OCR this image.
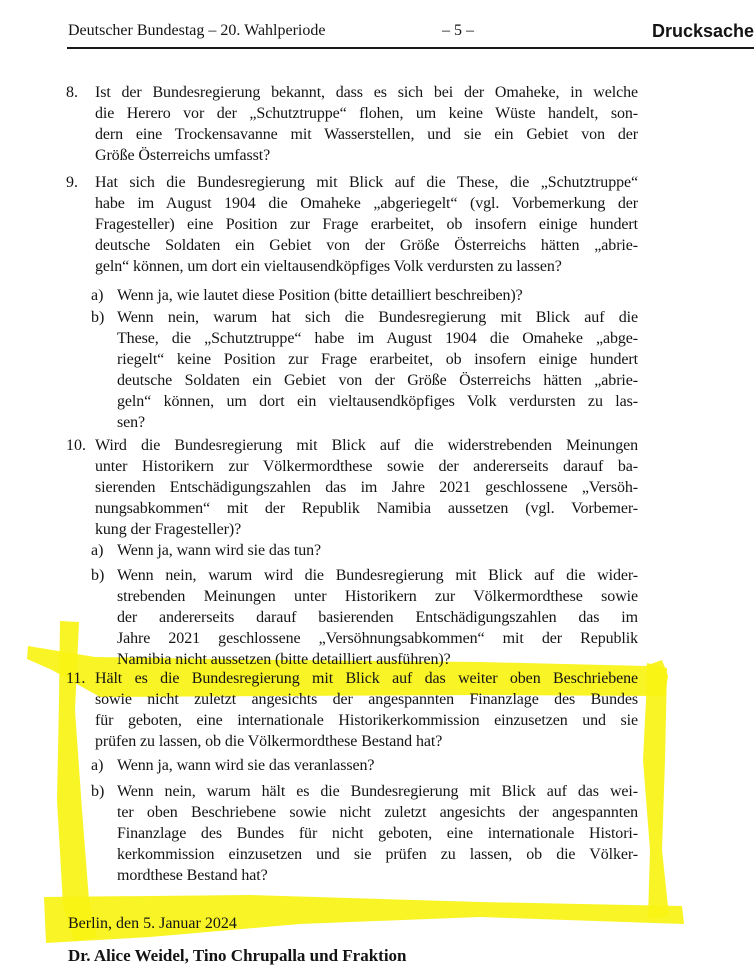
Deutscher Bundestag – 20. Wahlperiode	– 5 –	Drucksache
8.	Ist der Bundesregierung bekannt, dass es sich bei der Omaheke, in welche
die Herero vor der „Schutztruppe“ flohen, um keine Wüste handelt, son-
dern eine Trockensavanne mit Wasserstellen, und sie ein Gebiet von der
Größe Österreichs umfasst?
9.	Hat sich die Bundesregierung mit Blick auf die These, die „Schutztruppe“
habe im August 1904 die Omaheke „abgeriegelt“ (vgl. Vorbemerkung der
Fragesteller) eine Position zur Frage erarbeitet, ob insofern einige hundert
deutsche Soldaten ein Gebiet von der Größe Österreichs hätten „abrie-
geln“ können, um dort ein vieltausendköpfiges Volk verdursten zu lassen?
a) Wenn ja, wie lautet diese Position (bitte detailliert beschreiben)?
b) Wenn nein, warum hat sich die Bundesregierung mit Blick auf die
These, die „Schutztruppe“ habe im August 1904 die Omaheke „abge-
riegelt“ keine Position zur Frage erarbeitet, ob insofern einige hundert
deutsche Soldaten ein Gebiet von der Größe Österreichs hätten „abrie-
geln“ können, um dort ein vieltausendköpfiges Volk verdursten zu las-
sen?
10. Wird die Bundesregierung mit Blick auf die widerstrebenden Meinungen
unter Historikern zur Völkermordthese sowie der andererseits darauf ba-
sierenden Entschädigungszahlen das im Jahre 2021 geschlossene „Versöh-
nungsabkommen“ mit der Republik Namibia aussetzen (vgl. Vorbemer-
kung der Fragesteller)?
a) Wenn ja, wann wird sie das tun?
b) Wenn nein, warum wird die Bundesregierung mit Blick auf die wider-
strebenden Meinungen unter Historikern zur Völkermordthese sowie
der andererseits darauf basierenden Entschädigungszahlen das im
Jahre 2021 geschlossene „Versöhnungsabkommen“ mit der Republik
Namibia nicht aussetzen (bitte detailliert ausführen)?
11. Hält es die Bundesregierung mit Blick auf das weiter oben Beschriebene
sowie nicht zuletzt angesichts der angespannten Finanzlage des Bundes
für geboten, eine internationale Historikerkommission einzusetzen und sie
prüfen zu lassen, ob die Völkermordthese Bestand hat?
a) Wenn ja, wann wird sie das veranlassen?
b) Wenn nein, warum hält es die Bundesregierung mit Blick auf das wei-
ter oben Beschriebene sowie nicht zuletzt angesichts der angespannten
Finanzlage des Bundes für nicht geboten, eine internationale Histori-
kerkommission einzusetzen und sie prüfen zu lassen, ob die Völker-
mordthese Bestand hat?
Berlin, den 5. Januar 2024
Dr. Alice Weidel, Tino Chrupalla und Fraktion
